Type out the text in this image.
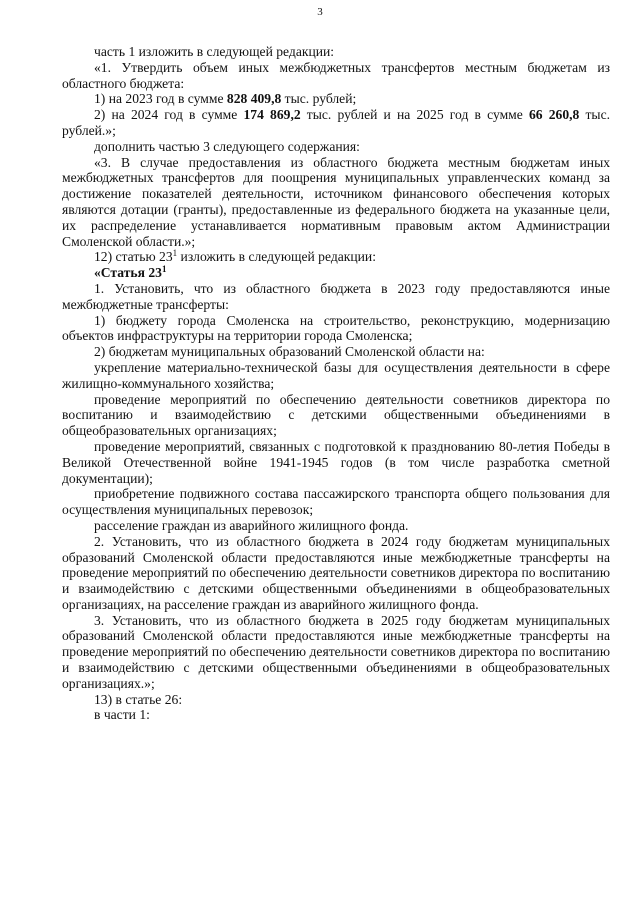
3

часть 1 изложить в следующей редакции:

«1. Утвердить объем иных межбюджетных трансфертов местным бюджетам из областного бюджета:

1) на 2023 год в сумме 828 409,8 тыс. рублей;

2) на 2024 год в сумме 174 869,2 тыс. рублей и на 2025 год в сумме 66 260,8 тыс. рублей.»;

дополнить частью 3 следующего содержания:

«3. В случае предоставления из областного бюджета местным бюджетам иных межбюджетных трансфертов для поощрения муниципальных управленческих команд за достижение показателей деятельности, источником финансового обеспечения которых являются дотации (гранты), предоставленные из федерального бюджета на указанные цели, их распределение устанавливается нормативным правовым актом Администрации Смоленской области.»;

12) статью $23^1$ изложить в следующей редакции:

«Статья $23^1$

1. Установить, что из областного бюджета в 2023 году предоставляются иные межбюджетные трансферты:

1) бюджету города Смоленска на строительство, реконструкцию, модернизацию объектов инфраструктуры на территории города Смоленска;

2) бюджетам муниципальных образований Смоленской области на:

укрепление материально-технической базы для осуществления деятельности в сфере жилищно-коммунального хозяйства;

проведение мероприятий по обеспечению деятельности советников директора по воспитанию и взаимодействию с детскими общественными объединениями в общеобразовательных организациях;

проведение мероприятий, связанных с подготовкой к празднованию 80-летия Победы в Великой Отечественной войне 1941-1945 годов (в том числе разработка сметной документации);

приобретение подвижного состава пассажирского транспорта общего пользования для осуществления муниципальных перевозок;

расселение граждан из аварийного жилищного фонда.

2. Установить, что из областного бюджета в 2024 году бюджетам муниципальных образований Смоленской области предоставляются иные межбюджетные трансферты на проведение мероприятий по обеспечению деятельности советников директора по воспитанию и взаимодействию с детскими общественными объединениями в общеобразовательных организациях, на расселение граждан из аварийного жилищного фонда.

3. Установить, что из областного бюджета в 2025 году бюджетам муниципальных образований Смоленской области предоставляются иные межбюджетные трансферты на проведение мероприятий по обеспечению деятельности советников директора по воспитанию и взаимодействию с детскими общественными объединениями в общеобразовательных организациях.»;

13) в статье 26:

в части 1:
